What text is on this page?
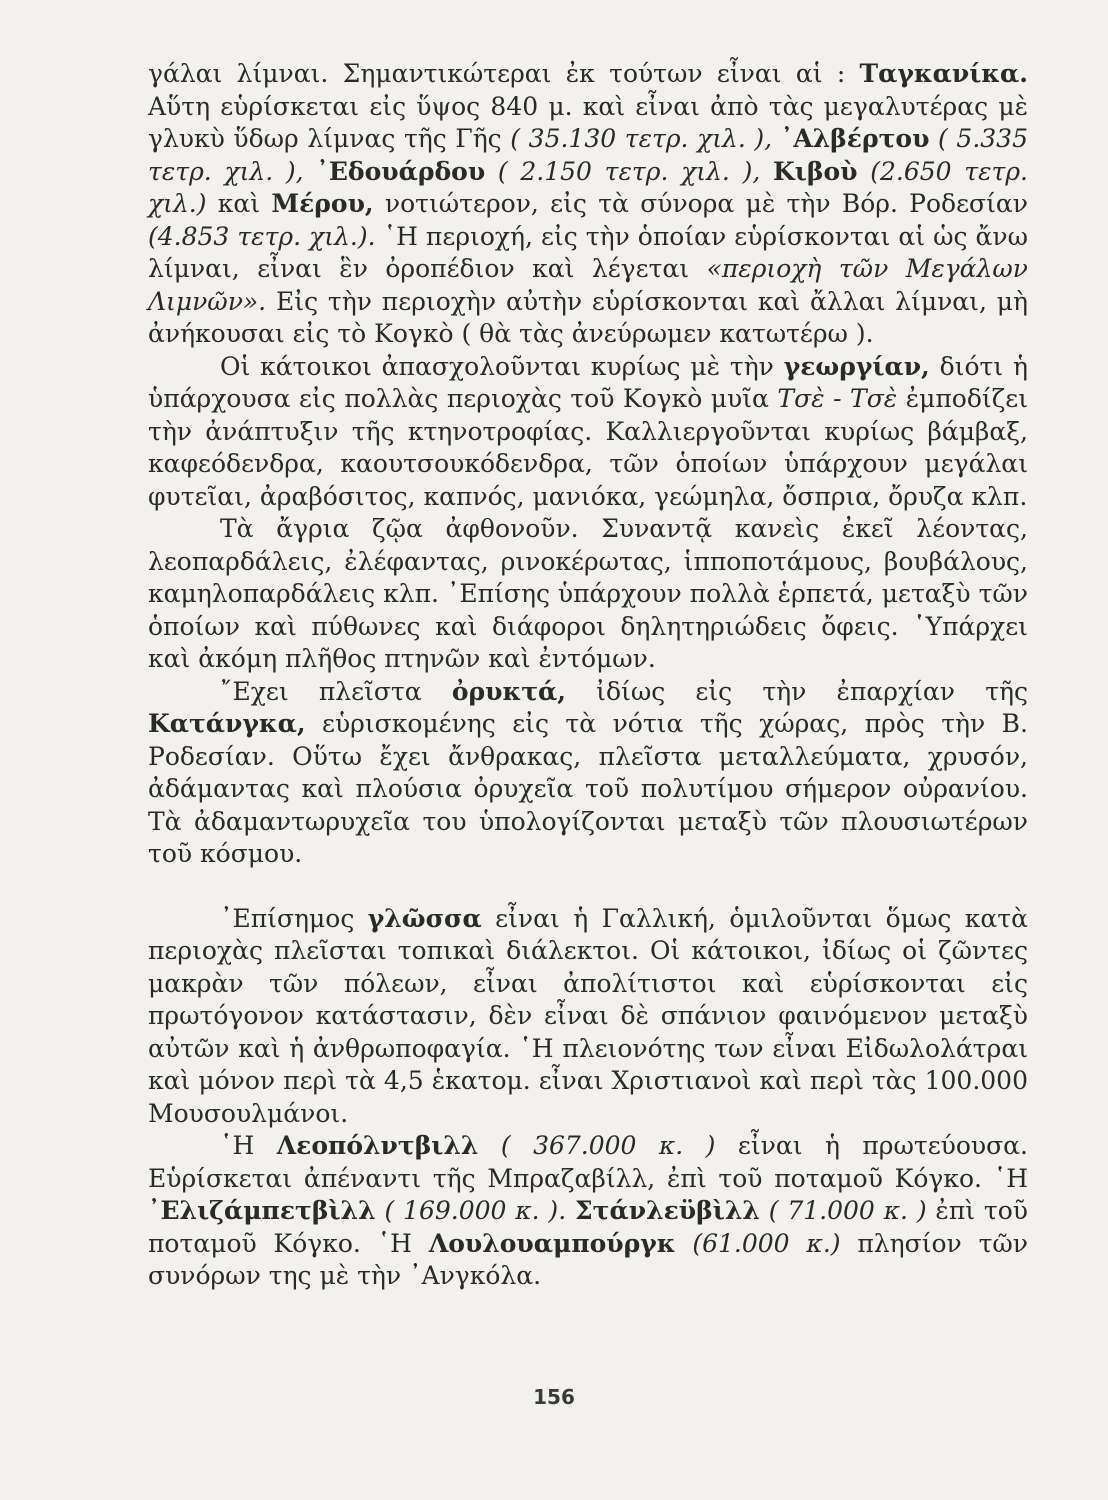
γάλαι λίμναι. Σημαντικώτεραι ἐκ τούτων εἶναι αἱ : Ταγκανίκα. Αὕτη εὑρίσκεται εἰς ὕψος 840 μ. καὶ εἶναι ἀπὸ τὰς μεγαλυτέρας μὲ γλυκὺ ὕδωρ λίμνας τῆς Γῆς ( 35.130 τετρ. χιλ. ), ᾿Αλβέρτου ( 5.335 τετρ. χιλ. ), ᾿Εδουάρδου ( 2.150 τετρ. χιλ. ), Κιβοὺ (2.650 τετρ. χιλ.) καὶ Μέρου, νοτιώτερον, εἰς τὰ σύνορα μὲ τὴν Βόρ. Ροδεσίαν (4.853 τετρ. χιλ.). ῾Η περιοχή, εἰς τὴν ὁποίαν εὑρίσκονται αἱ ὡς ἄνω λίμναι, εἶναι ἓν ὀροπέδιον καὶ λέγεται «περιοχὴ τῶν Μεγάλων Λιμνῶν». Εἰς τὴν περιοχὴν αὐτὴν εὑρίσκονται καὶ ἄλλαι λίμναι, μὴ ἀνήκουσαι εἰς τὸ Κογκὸ ( θὰ τὰς ἀνεύρωμεν κατωτέρω ).

Οἱ κάτοικοι ἀπασχολοῦνται κυρίως μὲ τὴν γεωργίαν, διότι ἡ ὑπάρχουσα εἰς πολλὰς περιοχὰς τοῦ Κογκὸ μυῖα Τσὲ - Τσὲ ἐμποδίζει τὴν ἀνάπτυξιν τῆς κτηνοτροφίας. Καλλιεργοῦνται κυρίως βάμβαξ, καφεόδενδρα, καουτσουκόδενδρα, τῶν ὁποίων ὑπάρχουν μεγάλαι φυτεῖαι, ἀραβόσιτος, καπνός, μανιόκα, γεώμηλα, ὄσπρια, ὄρυζα κλπ.

Τὰ ἄγρια ζῷα ἀφθονοῦν. Συναντᾷ κανεὶς ἐκεῖ λέοντας, λεοπαρδάλεις, ἐλέφαντας, ρινοκέρωτας, ἱπποποτάμους, βουβάλους, καμηλοπαρδάλεις κλπ. ᾿Επίσης ὑπάρχουν πολλὰ ἑρπετά, μεταξὺ τῶν ὁποίων καὶ πύθωνες καὶ διάφοροι δηλητηριώδεις ὄφεις. ῾Υπάρχει καὶ ἀκόμη πλῆθος πτηνῶν καὶ ἐντόμων.

῎Εχει πλεῖστα ὀρυκτά, ἰδίως εἰς τὴν ἐπαρχίαν τῆς Κατάνγκα, εὑρισκομένης εἰς τὰ νότια τῆς χώρας, πρὸς τὴν Β. Ροδεσίαν. Οὕτω ἔχει ἄνθρακας, πλεῖστα μεταλλεύματα, χρυσόν, ἀδάμαντας καὶ πλούσια ὀρυχεῖα τοῦ πολυτίμου σήμερον οὐρανίου. Τὰ ἀδαμαντωρυχεῖα του ὑπολογίζονται μεταξὺ τῶν πλουσιωτέρων τοῦ κόσμου.

᾿Επίσημος γλῶσσα εἶναι ἡ Γαλλική, ὁμιλοῦνται ὅμως κατὰ περιοχὰς πλεῖσται τοπικαὶ διάλεκτοι. Οἱ κάτοικοι, ἰδίως οἱ ζῶντες μακρὰν τῶν πόλεων, εἶναι ἀπολίτιστοι καὶ εὑρίσκονται εἰς πρωτόγονον κατάστασιν, δὲν εἶναι δὲ σπάνιον φαινόμενον μεταξὺ αὐτῶν καὶ ἡ ἀνθρωποφαγία. ῾Η πλειονότης των εἶναι Εἰδωλολάτραι καὶ μόνον περὶ τὰ 4,5 ἑκατομ. εἶναι Χριστιανοὶ καὶ περὶ τὰς 100.000 Μουσουλμάνοι.

῾Η Λεοπόλντβιλλ ( 367.000 κ. ) εἶναι ἡ πρωτεύουσα. Εὑρίσκεται ἀπέναντι τῆς Μπραζαβίλλ, ἐπὶ τοῦ ποταμοῦ Κόγκο. ῾Η ᾿Ελιζάμπετβὶλλ ( 169.000 κ. ). Στάνλεϋβὶλλ ( 71.000 κ. ) ἐπὶ τοῦ ποταμοῦ Κόγκο. ῾Η Λουλουαμπούργκ (61.000 κ.) πλησίον τῶν συνόρων της μὲ τὴν ᾿Ανγκόλα.

156
